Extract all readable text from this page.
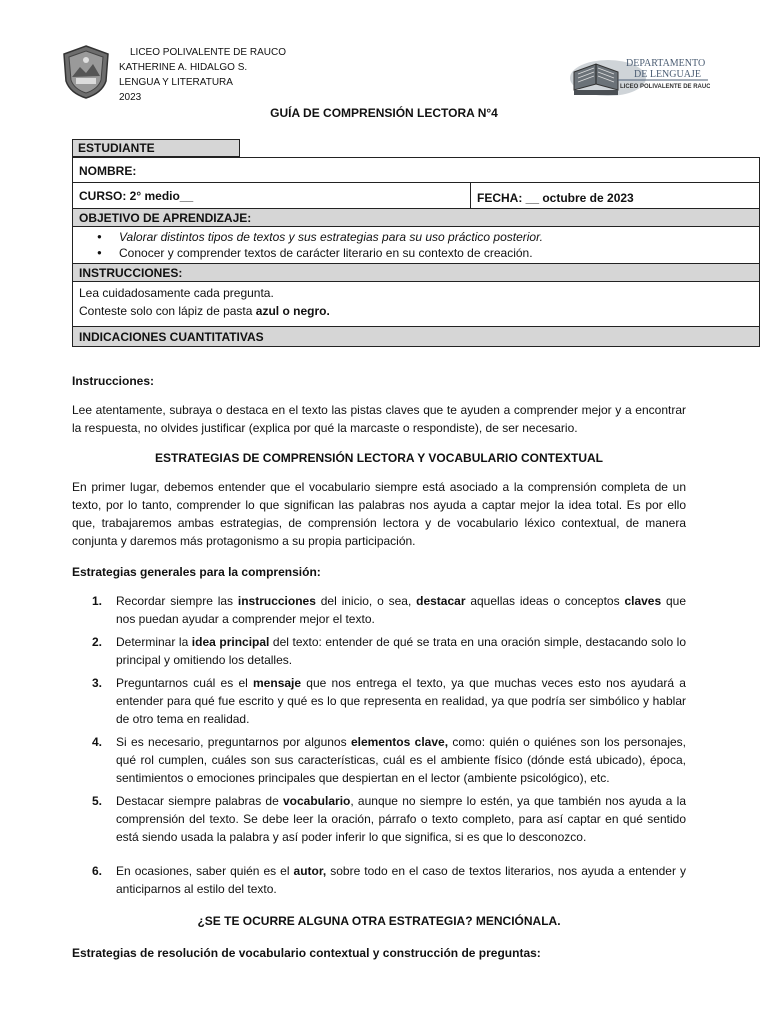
LICEO POLIVALENTE DE RAUCO
KATHERINE A. HIDALGO S.
LENGUA Y LITERATURA
2023
DEPARTAMENTO
DE LENGUAJE
LICEO POLIVALENTE DE RAUCO
GUÍA DE COMPRENSIÓN LECTORA N°4
ESTUDIANTE
NOMBRE:
CURSO: 2° medio__	FECHA: __ octubre de 2023
OBJETIVO DE APRENDIZAJE:
● Valorar distintos tipos de textos y sus estrategias para su uso práctico posterior.
● Conocer y comprender textos de carácter literario en su contexto de creación.
INSTRUCCIONES:
Lea cuidadosamente cada pregunta.
Conteste solo con lápiz de pasta azul o negro.
INDICACIONES CUANTITATIVAS
Instrucciones:
Lee atentamente, subraya o destaca en el texto las pistas claves que te ayuden a comprender mejor y a encontrar la respuesta, no olvides justificar (explica por qué la marcaste o respondiste), de ser necesario.
ESTRATEGIAS DE COMPRENSIÓN LECTORA Y VOCABULARIO CONTEXTUAL
En primer lugar, debemos entender que el vocabulario siempre está asociado a la comprensión completa de un texto, por lo tanto, comprender lo que significan las palabras nos ayuda a captar mejor la idea total. Es por ello que, trabajaremos ambas estrategias, de comprensión lectora y de vocabulario léxico contextual, de manera conjunta y daremos más protagonismo a su propia participación.
Estrategias generales para la comprensión:
1. Recordar siempre las instrucciones del inicio, o sea, destacar aquellas ideas o conceptos claves que nos puedan ayudar a comprender mejor el texto.
2. Determinar la idea principal del texto: entender de qué se trata en una oración simple, destacando solo lo principal y omitiendo los detalles.
3. Preguntarnos cuál es el mensaje que nos entrega el texto, ya que muchas veces esto nos ayudará a entender para qué fue escrito y qué es lo que representa en realidad, ya que podría ser simbólico y hablar de otro tema en realidad.
4. Si es necesario, preguntarnos por algunos elementos clave, como: quién o quiénes son los personajes, qué rol cumplen, cuáles son sus características, cuál es el ambiente físico (dónde está ubicado), época, sentimientos o emociones principales que despiertan en el lector (ambiente psicológico), etc.
5. Destacar siempre palabras de vocabulario, aunque no siempre lo estén, ya que también nos ayuda a la comprensión del texto. Se debe leer la oración, párrafo o texto completo, para así captar en qué sentido está siendo usada la palabra y así poder inferir lo que significa, si es que lo desconozco.
6. En ocasiones, saber quién es el autor, sobre todo en el caso de textos literarios, nos ayuda a entender y anticiparnos al estilo del texto.
¿SE TE OCURRE ALGUNA OTRA ESTRATEGIA? MENCIÓNALA.
Estrategias de resolución de vocabulario contextual y construcción de preguntas:
